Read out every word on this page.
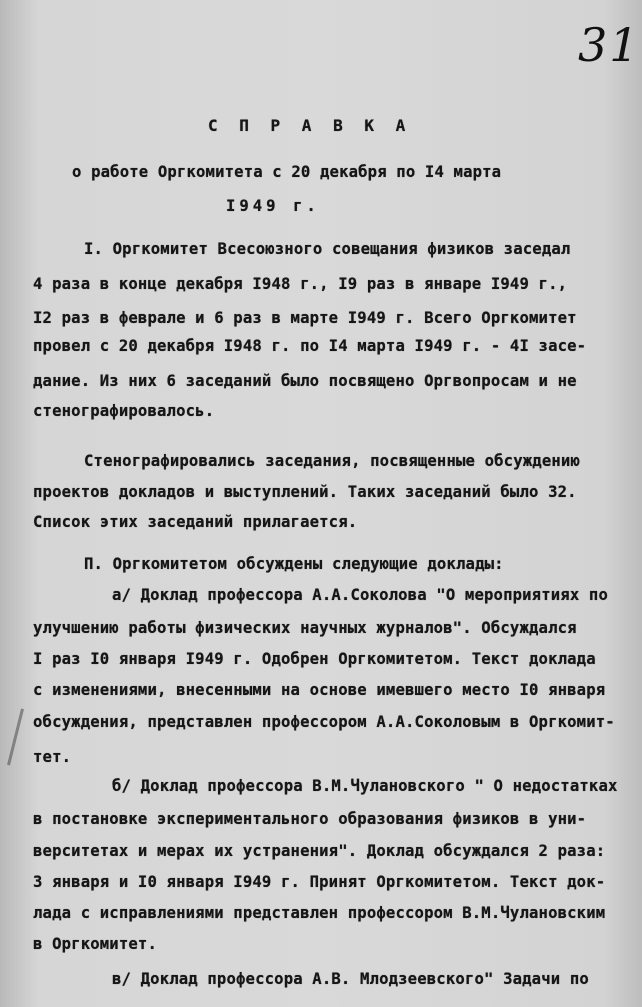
31
С П Р А В К А
о работе Оргкомитета с 20 декабря по I4 марта
I949 г.
I. Оргкомитет Всесоюзного совещания физиков заседал
4 раза в конце декабря I948 г., I9 раз в январе I949 г.,
I2 раз в феврале и 6 раз в марте I949 г. Всего Оргкомитет
провел с 20 декабря I948 г. по I4 марта I949 г. - 4I засе-
дание. Из них 6 заседаний было посвящено Оргвопросам и не
стенографировалось.
Стенографировались заседания, посвященные обсуждению
проектов докладов и выступлений. Таких заседаний было 32.
Список этих заседаний прилагается.
П. Оргкомитетом обсуждены следующие доклады:
а/ Доклад профессора А.А.Соколова "О мероприятиях по
улучшению работы физических научных журналов". Обсуждался
I раз I0 января I949 г. Одобрен Оргкомитетом. Текст доклада
с изменениями, внесенными на основе имевшего место I0 января
обсуждения, представлен профессором А.А.Соколовым в Оргкомит-
тет.
б/ Доклад профессора В.М.Чулановского " О недостатках
в постановке экспериментального образования физиков в уни-
верситетах и мерах их устранения". Доклад обсуждался 2 раза:
3 января и I0 января I949 г. Принят Оргкомитетом. Текст док-
лада с исправлениями представлен профессором В.М.Чулановским
в Оргкомитет.
в/ Доклад профессора А.В. Млодзеевского" Задачи по
